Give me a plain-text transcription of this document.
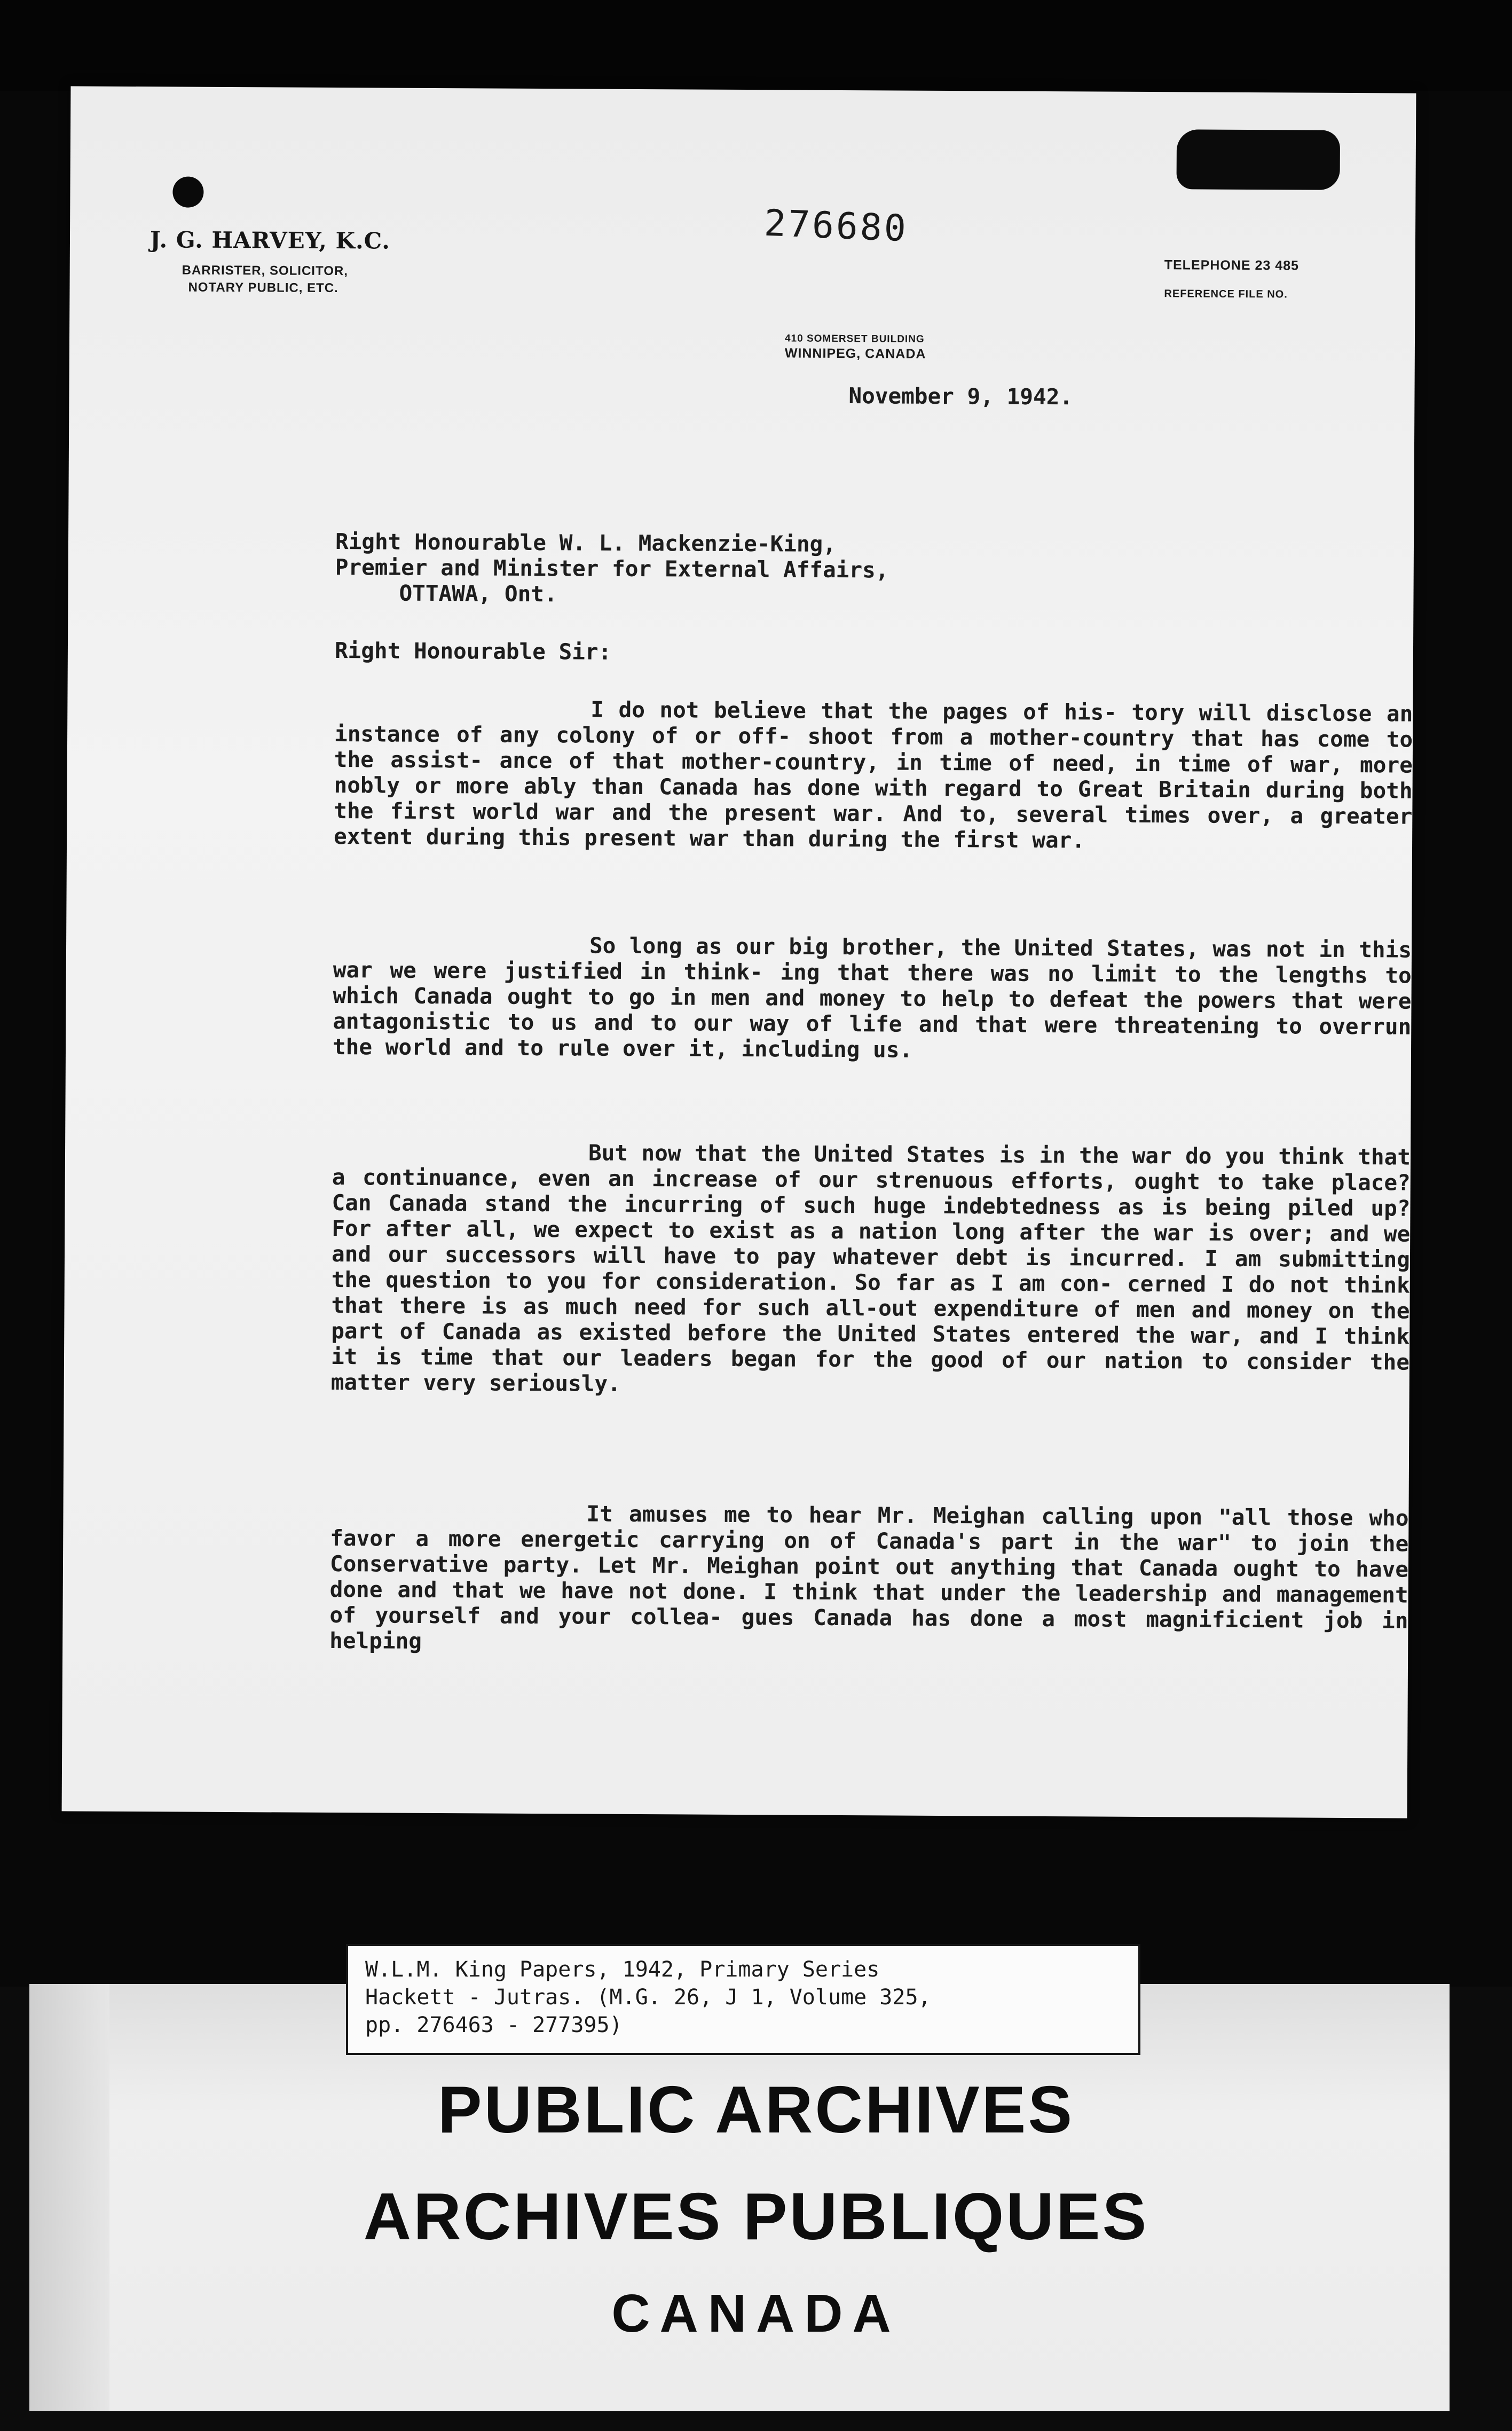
276680
J. G. HARVEY, K.C.
BARRISTER, SOLICITOR,
NOTARY PUBLIC, ETC.
TELEPHONE 23 485
REFERENCE FILE NO.
410 SOMERSET BUILDING
WINNIPEG, CANADA
November 9, 1942.
Right Honourable W. L. Mackenzie-King,
Premier and Minister for External Affairs,
OTTAWA, Ont.
Right Honourable Sir:
I do not believe that the pages of his- tory will disclose an instance of any colony of or off- shoot from a mother-country that has come to the assist- ance of that mother-country, in time of need, in time of war, more nobly or more ably than Canada has done with regard to Great Britain during both the first world war and the present war. And to, several times over, a greater extent during this present war than during the first war.
So long as our big brother, the United States, was not in this war we were justified in think- ing that there was no limit to the lengths to which Canada ought to go in men and money to help to defeat the powers that were antagonistic to us and to our way of life and that were threatening to overrun the world and to rule over it, including us.
But now that the United States is in the war do you think that a continuance, even an increase of our strenuous efforts, ought to take place? Can Canada stand the incurring of such huge indebtedness as is being piled up? For after all, we expect to exist as a nation long after the war is over; and we and our successors will have to pay whatever debt is incurred. I am submitting the question to you for consideration. So far as I am con- cerned I do not think that there is as much need for such all-out expenditure of men and money on the part of Canada as existed before the United States entered the war, and I think it is time that our leaders began for the good of our nation to consider the matter very seriously.
It amuses me to hear Mr. Meighan calling upon "all those who favor a more energetic carrying on of Canada's part in the war" to join the Conservative party. Let Mr. Meighan point out anything that Canada ought to have done and that we have not done. I think that under the leadership and management of yourself and your collea- gues Canada has done a most magnificient job in helping
W.L.M. King Papers, 1942, Primary Series
Hackett - Jutras. (M.G. 26, J 1, Volume 325,
pp. 276463 - 277395)
PUBLIC ARCHIVES
ARCHIVES PUBLIQUES
CANADA
